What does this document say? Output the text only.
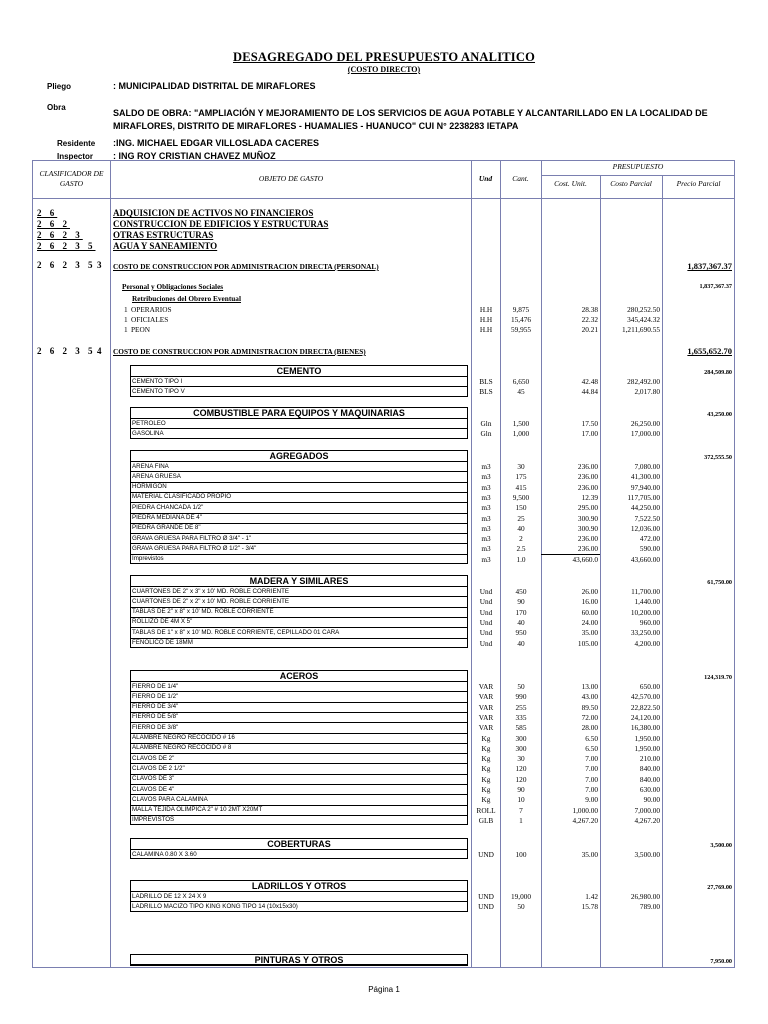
DESAGREGADO DEL PRESUPUESTO ANALITICO
(COSTO DIRECTO)
Pliego	: MUNICIPALIDAD DISTRITAL DE MIRAFLORES
Obra
SALDO DE OBRA: "AMPLIACIÓN Y MEJORAMIENTO DE LOS SERVICIOS DE AGUA POTABLE Y ALCANTARILLADO EN LA LOCALIDAD DE
MIRAFLORES, DISTRITO DE MIRAFLORES - HUAMALIES - HUANUCO" CUI N° 2238283 IETAPA
Residente :ING. MICHAEL EDGAR VILLOSLADA CACERES
Inspector : ING ROY CRISTIAN CHAVEZ MUÑOZ
CLASIFICADOR DE
GASTO
OBJETO DE GASTO	Und	Cant.
PRESUPUESTO
Cost. Unit.	Costo Parcial	Precio Parcial
2 6	ADQUISICION DE ACTIVOS NO FINANCIEROS
2 6 2	CONSTRUCCION DE EDIFICIOS Y ESTRUCTURAS
2 6 2 3	OTRAS ESTRUCTURAS
2 6 2 3 5 AGUA Y SANEAMIENTO
2 6 2 3 5 3 COSTO DE CONSTRUCCION POR ADMINISTRACION DIRECTA (PERSONAL)	1,837,367.37
Personal y Obligaciones Sociales	1,837,367.37
Retribuciones del Obrero Eventual
1 OPERARIOS	H.H	9,875	28.38	280,252.50
1 OFICIALES	H.H	15,476	22.32	345,424.32
1 PEON	H.H	59,955	20.21	1,211,690.55
2 6 2 3 5 4 COSTO DE CONSTRUCCION POR ADMINISTRACION DIRECTA (BIENES)	1,655,652.70
CEMENTO	284,509.80
CEMENTO TIPO I	BLS	6,650	42.48	282,492.00
CEMENTO TIPO V	BLS	45	44.84	2,017.80
COMBUSTIBLE PARA EQUIPOS Y MAQUINARIAS	43,250.00
PETROLEO	Gln	1,500	17.50	26,250.00
GASOLINA	Gln	1,000	17.00	17,000.00
AGREGADOS	372,555.50
ARENA FINA	m3	30	236.00	7,080.00
ARENA GRUESA	m3	175	236.00	41,300.00
HORMIGON	m3	415	236.00	97,940.00
MATERIAL CLASIFICADO PROPIO	m3	9,500	12.39	117,705.00
PIEDRA CHANCADA 1/2"	m3	150	295.00	44,250.00
PIEDRA MEDIANA DE 4"	m3	25	300.90	7,522.50
PIEDRA GRANDE DE 8"	m3	40	300.90	12,036.00
GRAVA GRUESA PARA FILTRO Ø 3/4" - 1"	m3	2	236.00	472.00
GRAVA GRUESA PARA FILTRO Ø 1/2" - 3/4"	m3	2.5	236.00	590.00
Imprevistos	m3	1.0	43,660.0	43,660.00
MADERA Y SIMILARES	61,750.00
CUARTONES DE 2" x 3" x 10' MD. ROBLE CORRIENTE	Und	450	26.00	11,700.00
CUARTONES DE 2" x 2" x 10' MD. ROBLE CORRIENTE	Und	90	16.00	1,440.00
TABLAS DE 2" x 8" x 10' MD. ROBLE CORRIENTE	Und	170	60.00	10,200.00
ROLLIZO DE 4M X 5"	Und	40	24.00	960.00
TABLAS DE 1" x 8" x 10' MD. ROBLE CORRIENTE, CEPILLADO 01 CARA	Und	950	35.00	33,250.00
FENOLICO DE 18MM	Und	40	105.00	4,200.00
ACEROS	124,319.70
FIERRO DE 1/4"	VAR	50	13.00	650.00
FIERRO DE 1/2"	VAR	990	43.00	42,570.00
FIERRO DE 3/4"	VAR	255	89.50	22,822.50
FIERRO DE 5/8"	VAR	335	72.00	24,120.00
FIERRO DE 3/8"	VAR	585	28.00	16,380.00
ALAMBRE NEGRO RECOCIDO # 16	Kg	300	6.50	1,950.00
ALAMBRE NEGRO RECOCIDO # 8	Kg	300	6.50	1,950.00
CLAVOS DE 2"	Kg	30	7.00	210.00
CLAVOS DE 2 1/2"	Kg	120	7.00	840.00
CLAVOS DE 3"	Kg	120	7.00	840.00
CLAVOS DE 4"	Kg	90	7.00	630.00
CLAVOS PARA CALAMINA	Kg	10	9.00	90.00
MALLA TEJIDA OLIMPICA 2" # 10 2MT X20MT	ROLL	7	1,000.00	7,000.00
IMPREVISTOS	GLB	1	4,267.20	4,267.20
COBERTURAS	3,500.00
CALAMINA 0.80 X 3.60	UND	100	35.00	3,500.00
LADRILLOS Y OTROS	27,769.00
LADRILLO DE 12 X 24 X 9	UND	19,000	1.42	26,980.00
LADRILLO MACIZO TIPO KING KONG TIPO 14 (10x15x30)	UND	50	15.78	789.00
PINTURAS Y OTROS	7,950.00
Página 1
